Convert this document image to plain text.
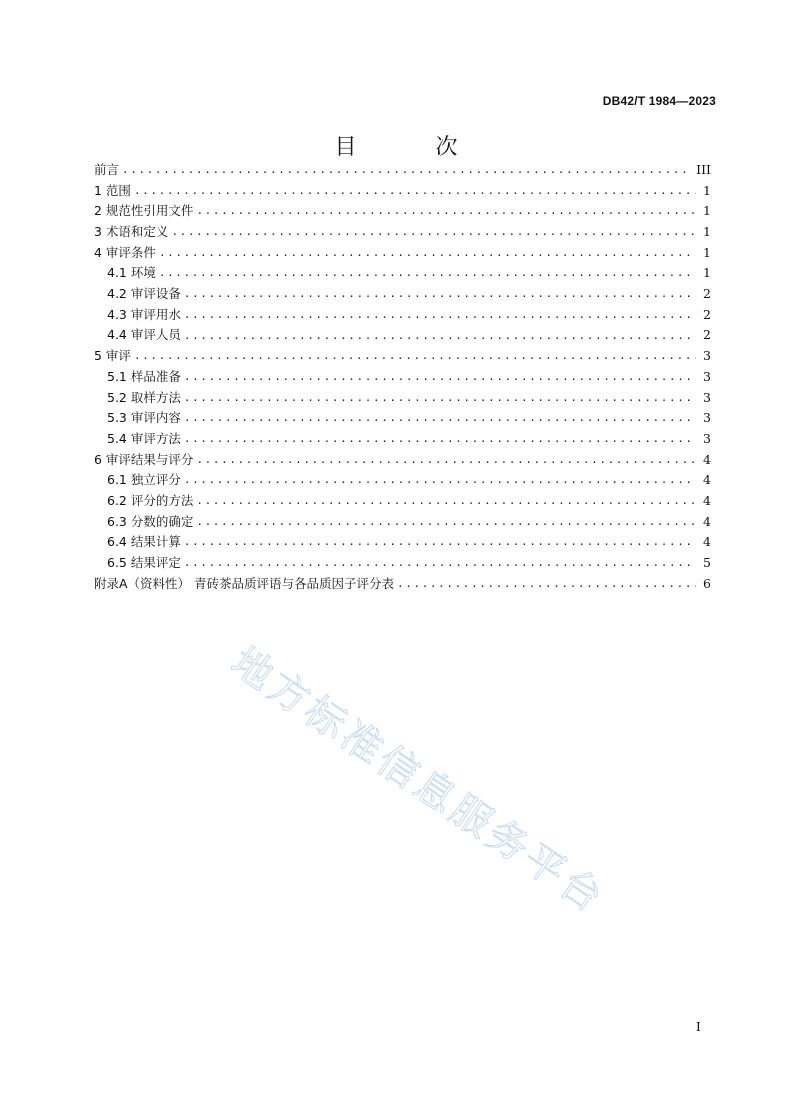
DB42/T 1984—2023
目 次
前言 .....	III
1 范围 .....	1
2 规范性引用文件 .....	1
3 术语和定义 .....	1
4 审评条件 .....	1
4.1 环境 .....	1
4.2 审评设备 .....	2
4.3 审评用水 .....	2
4.4 审评人员 .....	2
5 审评 .....	3
5.1 样品准备 .....	3
5.2 取样方法 .....	3
5.3 审评内容 .....	3
5.4 审评方法 .....	3
6 审评结果与评分 .....	4
6.1 独立评分 .....	4
6.2 评分的方法 .....	4
6.3 分数的确定 .....	4
6.4 结果计算 .....	4
6.5 结果评定 .....	5
附录A（资料性） 青砖茶品质评语与各品质因子评分表 .....	6
地方标准信息服务平台
I
